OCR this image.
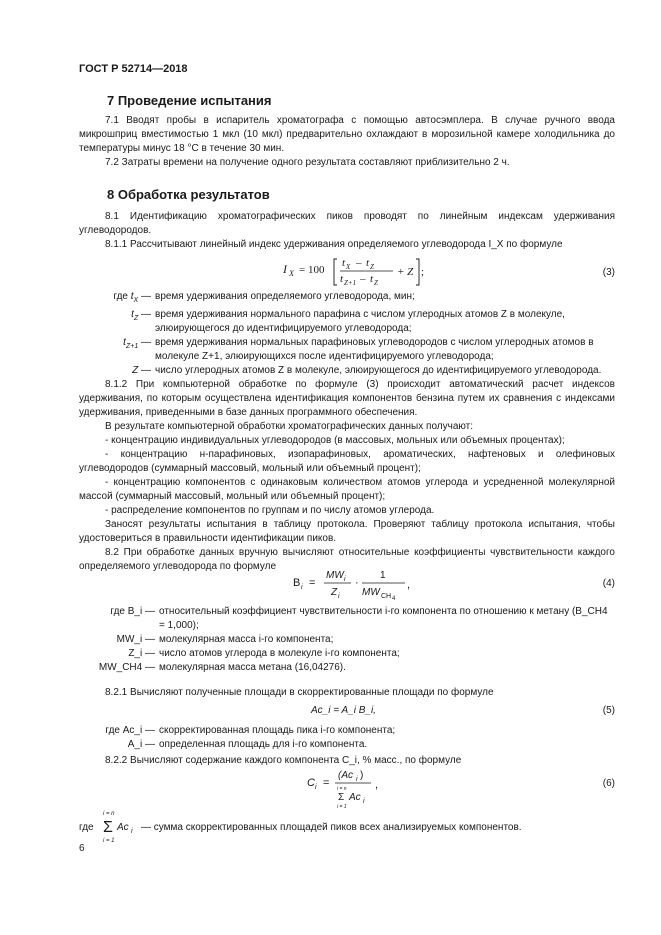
ГОСТ Р 52714—2018
7 Проведение испытания

7.1 Вводят пробы в испаритель хроматографа с помощью автосэмплера. В случае ручного ввода микрошприц вместимостью 1 мкл (10 мкл) предварительно охлаждают в морозильной камере холодильника до температуры минус 18 °С в течение 30 мин.

7.2 Затраты времени на получение одного результата составляют приблизительно 2 ч.

8 Обработка результатов

8.1 Идентификацию хроматографических пиков проводят по линейным индексам удерживания углеводородов.

8.1.1 Рассчитывают линейный индекс удерживания определяемого углеводорода I_X по формуле

I X = 100
t X – t Z
t Z+1 – t Z
+ Z ;	(3)
где $t_X$ — время удерживания определяемого углеводорода, мин;
$t_Z$ — время удерживания нормального парафина с числом углеродных атомов Z в молекуле, элюирующегося до идентифицируемого углеводорода;
$t_{Z+1}$ — время удерживания нормальных парафиновых углеводородов с числом углеродных атомов в молекуле Z+1, элюирующихся после идентифицируемого углеводорода;
Z — число углеродных атомов Z в молекуле, элюирующегося до идентифицируемого углеводорода.

8.1.2 При компьютерной обработке по формуле (3) происходит автоматический расчет индексов удерживания, по которым осуществлена идентификация компонентов бензина путем их сравнения с индексами удерживания, приведенными в базе данных программного обеспечения.

В результате компьютерной обработки хроматографических данных получают:

- концентрацию индивидуальных углеводородов (в массовых, мольных или объемных процентах);

- концентрацию н-парафиновых, изопарафиновых, ароматических, нафтеновых и олефиновых углеводородов (суммарный массовый, мольный или объемный процент);

- концентрацию компонентов с одинаковым количеством атомов углерода и усредненной молекулярной массой (суммарный массовый, мольный или объемный процент);

- распределение компонентов по группам и по числу атомов углерода.

Заносят результаты испытания в таблицу протокола. Проверяют таблицу протокола испытания, чтобы удостовериться в правильности идентификации пиков.

8.2 При обработке данных вручную вычисляют относительные коэффициенты чувствительности каждого определяемого углеводорода по формуле

B i =
MW i
Z i
·
1
MW CH 4
,	(4)
где B_i — относительный коэффициент чувствительности i-го компонента по отношению к метану (B_CH4 = 1,000);
MW_i — молекулярная масса i-го компонента;
Z_i — число атомов углерода в молекуле i-го компонента;
MW_CH4 — молекулярная масса метана (16,04276).

8.2.1 Вычисляют полученные площади в скорректированные площади по формуле

Ac_i = A_i B_i,	(5)
где Ac_i — скорректированная площадь пика i-го компонента;
A_i — определенная площадь для i-го компонента.

8.2.2 Вычисляют содержание каждого компонента C_i, % масс., по формуле

C i =
(Ac i )
i = n
Σ
i = 1
Ac i
,	(6)
где
i = n
Σ
i = 1
Ac i — сумма скорректированных площадей пиков всех анализируемых компонентов.
6
